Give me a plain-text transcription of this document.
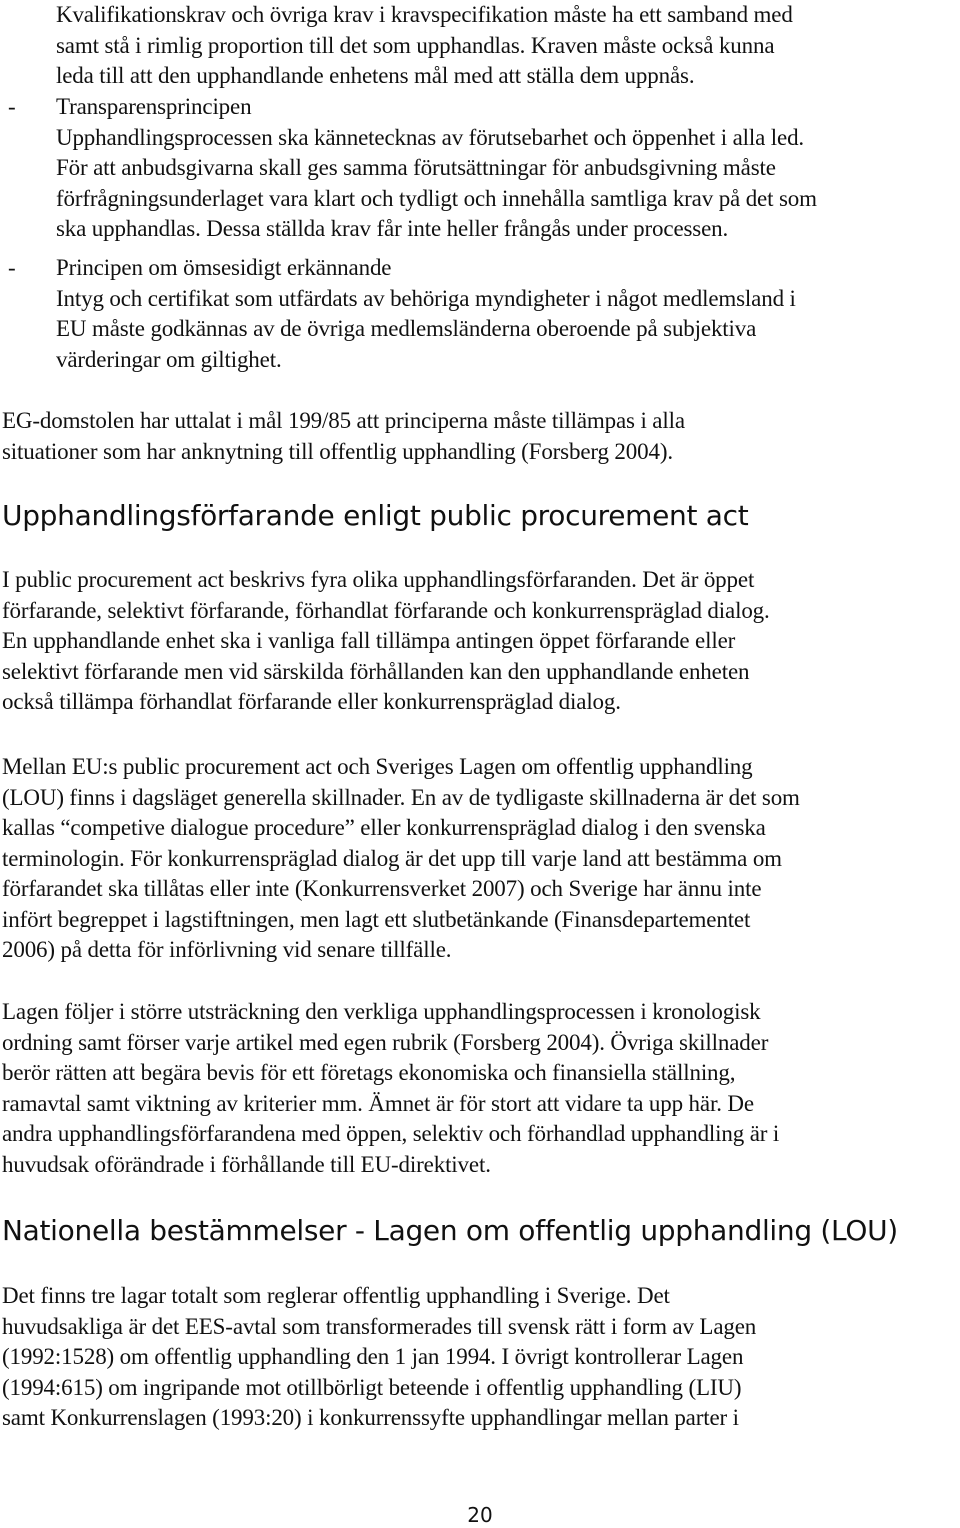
Kvalifikationskrav och övriga krav i kravspecifikation måste ha ett samband med
samt stå i rimlig proportion till det som upphandlas. Kraven måste också kunna
leda till att den upphandlande enhetens mål med att ställa dem uppnås.
- Transparensprincipen
Upphandlingsprocessen ska kännetecknas av förutsebarhet och öppenhet i alla led.
För att anbudsgivarna skall ges samma förutsättningar för anbudsgivning måste
förfrågningsunderlaget vara klart och tydligt och innehålla samtliga krav på det som
ska upphandlas. Dessa ställda krav får inte heller frångås under processen.
- Principen om ömsesidigt erkännande
Intyg och certifikat som utfärdats av behöriga myndigheter i något medlemsland i
EU måste godkännas av de övriga medlemsländerna oberoende på subjektiva
värderingar om giltighet.
EG-domstolen har uttalat i mål 199/85 att principerna måste tillämpas i alla
situationer som har anknytning till offentlig upphandling (Forsberg 2004).
Upphandlingsförfarande enligt public procurement act
I public procurement act beskrivs fyra olika upphandlingsförfaranden. Det är öppet
förfarande, selektivt förfarande, förhandlat förfarande och konkurrenspräglad dialog.
En upphandlande enhet ska i vanliga fall tillämpa antingen öppet förfarande eller
selektivt förfarande men vid särskilda förhållanden kan den upphandlande enheten
också tillämpa förhandlat förfarande eller konkurrenspräglad dialog.
Mellan EU:s public procurement act och Sveriges Lagen om offentlig upphandling
(LOU) finns i dagsläget generella skillnader. En av de tydligaste skillnaderna är det som
kallas “competive dialogue procedure” eller konkurrenspräglad dialog i den svenska
terminologin. För konkurrenspräglad dialog är det upp till varje land att bestämma om
förfarandet ska tillåtas eller inte (Konkurrensverket 2007) och Sverige har ännu inte
infört begreppet i lagstiftningen, men lagt ett slutbetänkande (Finansdepartementet
2006) på detta för införlivning vid senare tillfälle.
Lagen följer i större utsträckning den verkliga upphandlingsprocessen i kronologisk
ordning samt förser varje artikel med egen rubrik (Forsberg 2004). Övriga skillnader
berör rätten att begära bevis för ett företags ekonomiska och finansiella ställning,
ramavtal samt viktning av kriterier mm. Ämnet är för stort att vidare ta upp här. De
andra upphandlingsförfarandena med öppen, selektiv och förhandlad upphandling är i
huvudsak oförändrade i förhållande till EU-direktivet.
Nationella bestämmelser - Lagen om offentlig upphandling (LOU)
Det finns tre lagar totalt som reglerar offentlig upphandling i Sverige. Det
huvudsakliga är det EES-avtal som transformerades till svensk rätt i form av Lagen
(1992:1528) om offentlig upphandling den 1 jan 1994. I övrigt kontrollerar Lagen
(1994:615) om ingripande mot otillbörligt beteende i offentlig upphandling (LIU)
samt Konkurrenslagen (1993:20) i konkurrenssyfte upphandlingar mellan parter i
20
